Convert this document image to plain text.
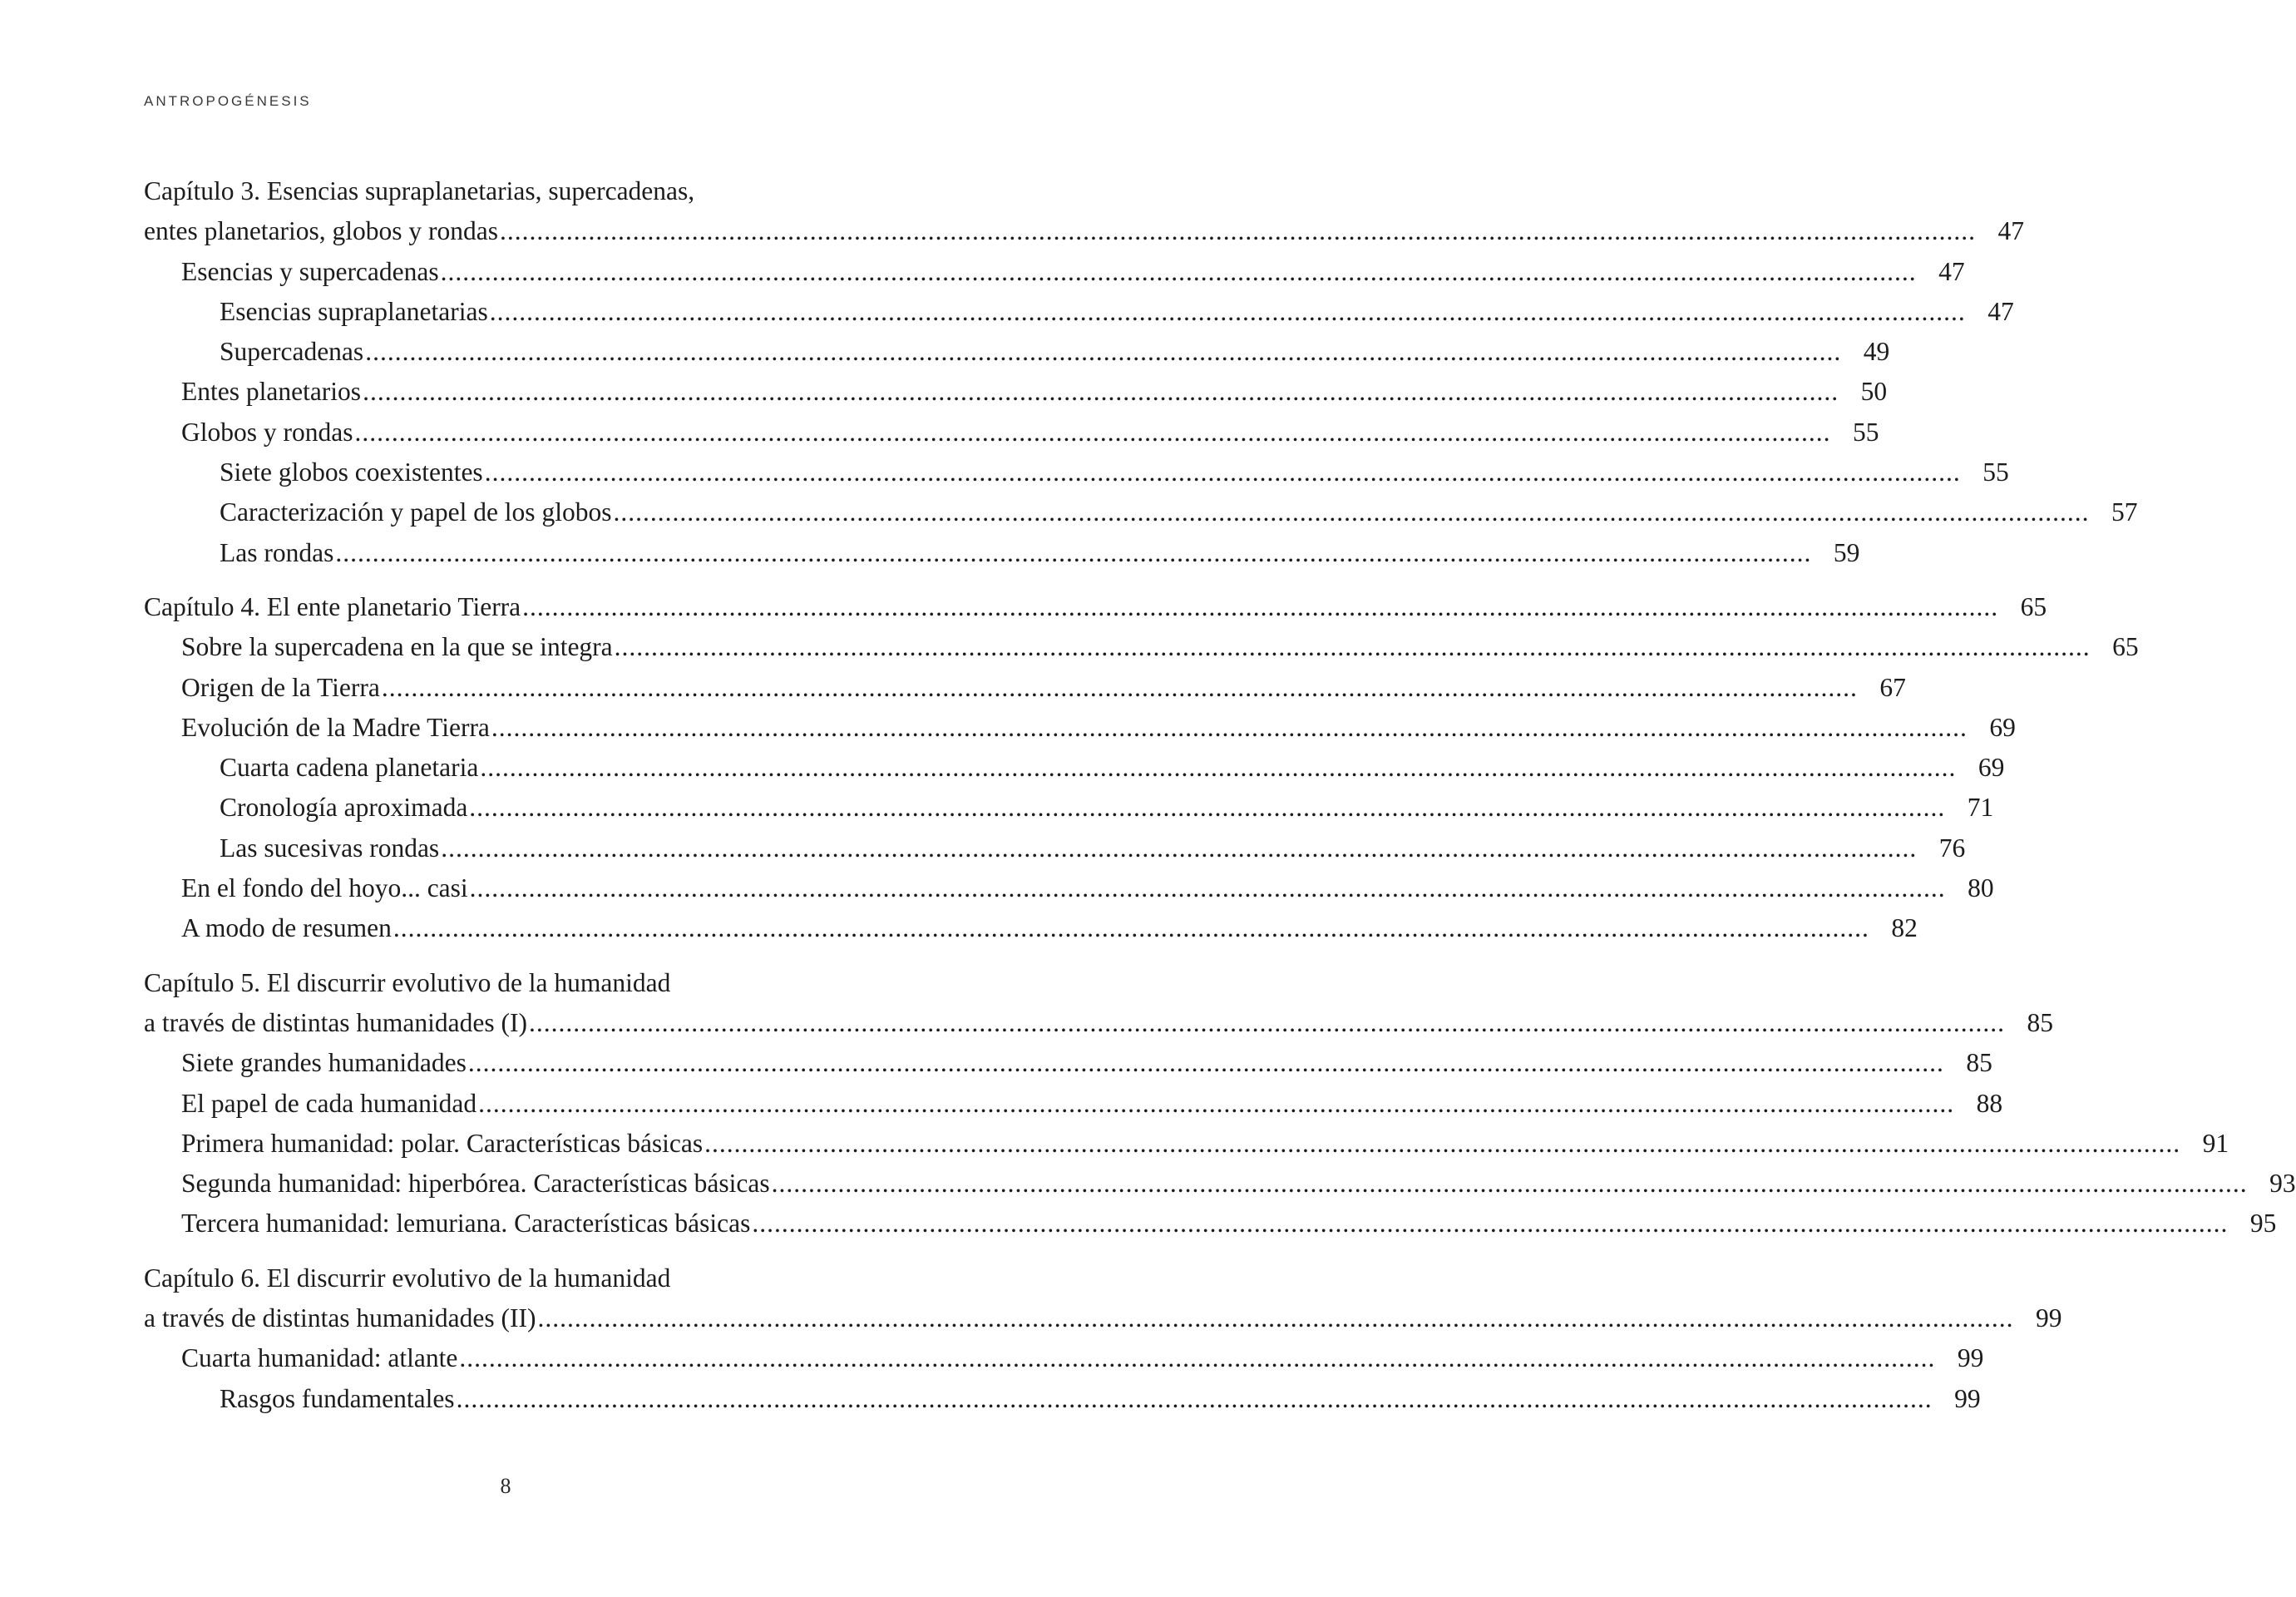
ANTROPOGÉNESIS
Capítulo 3. Esencias supraplanetarias, supercadenas,
entes planetarios, globos y rondas ........................................................................................................................................................................................................ 47
Esencias y supercadenas ........................................................................................................................................................................................................ 47
Esencias supraplanetarias ........................................................................................................................................................................................................ 47
Supercadenas ........................................................................................................................................................................................................ 49
Entes planetarios ........................................................................................................................................................................................................ 50
Globos y rondas ........................................................................................................................................................................................................ 55
Siete globos coexistentes ........................................................................................................................................................................................................ 55
Caracterización y papel de los globos ........................................................................................................................................................................................................ 57
Las rondas ........................................................................................................................................................................................................ 59
Capítulo 4. El ente planetario Tierra ........................................................................................................................................................................................................ 65
Sobre la supercadena en la que se integra ........................................................................................................................................................................................................ 65
Origen de la Tierra ........................................................................................................................................................................................................ 67
Evolución de la Madre Tierra ........................................................................................................................................................................................................ 69
Cuarta cadena planetaria ........................................................................................................................................................................................................ 69
Cronología aproximada ........................................................................................................................................................................................................ 71
Las sucesivas rondas ........................................................................................................................................................................................................ 76
En el fondo del hoyo... casi ........................................................................................................................................................................................................ 80
A modo de resumen ........................................................................................................................................................................................................ 82
Capítulo 5. El discurrir evolutivo de la humanidad
a través de distintas humanidades (I) ........................................................................................................................................................................................................ 85
Siete grandes humanidades ........................................................................................................................................................................................................ 85
El papel de cada humanidad ........................................................................................................................................................................................................ 88
Primera humanidad: polar. Características básicas ........................................................................................................................................................................................................ 91
Segunda humanidad: hiperbórea. Características básicas ........................................................................................................................................................................................................ 93
Tercera humanidad: lemuriana. Características básicas ........................................................................................................................................................................................................ 95
Capítulo 6. El discurrir evolutivo de la humanidad
a través de distintas humanidades (II) ........................................................................................................................................................................................................ 99
Cuarta humanidad: atlante ........................................................................................................................................................................................................ 99
Rasgos fundamentales ........................................................................................................................................................................................................ 99
8
